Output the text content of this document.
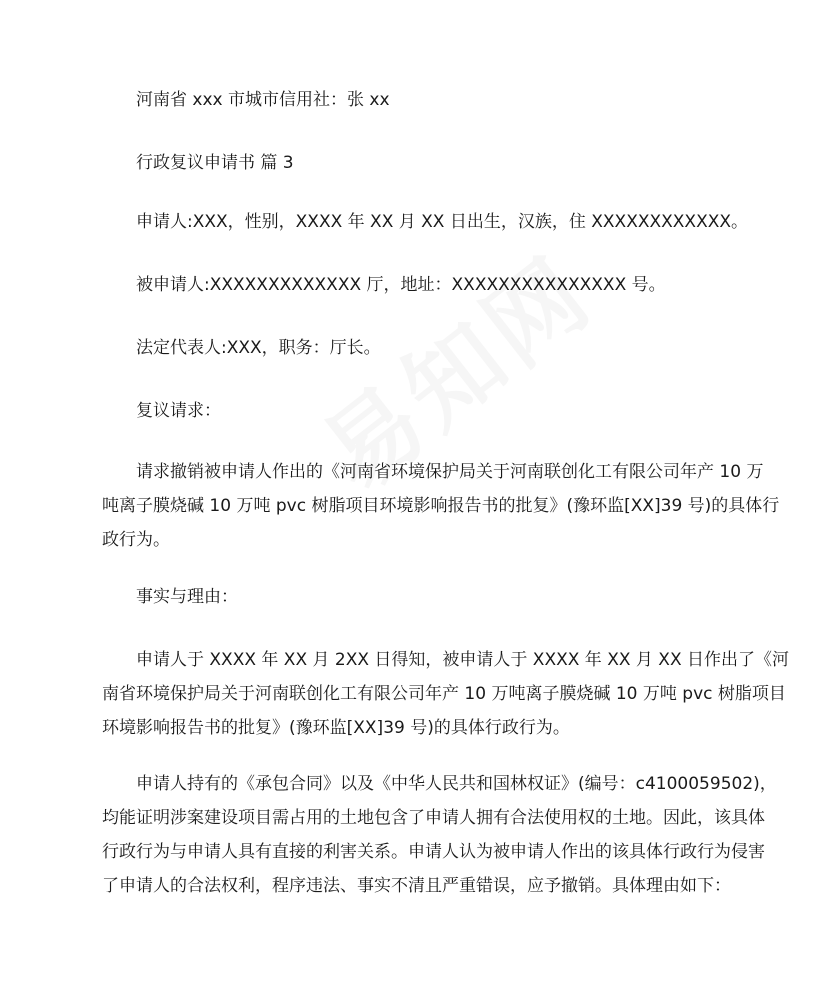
河南省 xxx 市城市信用社：张 xx
行政复议申请书 篇 3
申请人:XXX，性别，XXXX 年 XX 月 XX 日出生，汉族，住 XXXXXXXXXXXX。
被申请人:XXXXXXXXXXXXX 厅，地址：XXXXXXXXXXXXXXX 号。
法定代表人:XXX，职务：厅长。
复议请求：
请求撤销被申请人作出的《河南省环境保护局关于河南联创化工有限公司年产 10 万
吨离子膜烧碱 10 万吨 pvc 树脂项目环境影响报告书的批复》(豫环监[XX]39 号)的具体行
政行为。
事实与理由：
申请人于 XXXX 年 XX 月 2XX 日得知，被申请人于 XXXX 年 XX 月 XX 日作出了《河
南省环境保护局关于河南联创化工有限公司年产 10 万吨离子膜烧碱 10 万吨 pvc 树脂项目
环境影响报告书的批复》(豫环监[XX]39 号)的具体行政行为。
申请人持有的《承包合同》以及《中华人民共和国林权证》(编号：c4100059502)，
均能证明涉案建设项目需占用的土地包含了申请人拥有合法使用权的土地。因此，该具体
行政行为与申请人具有直接的利害关系。申请人认为被申请人作出的该具体行政行为侵害
了申请人的合法权利，程序违法、事实不清且严重错误，应予撤销。具体理由如下：
